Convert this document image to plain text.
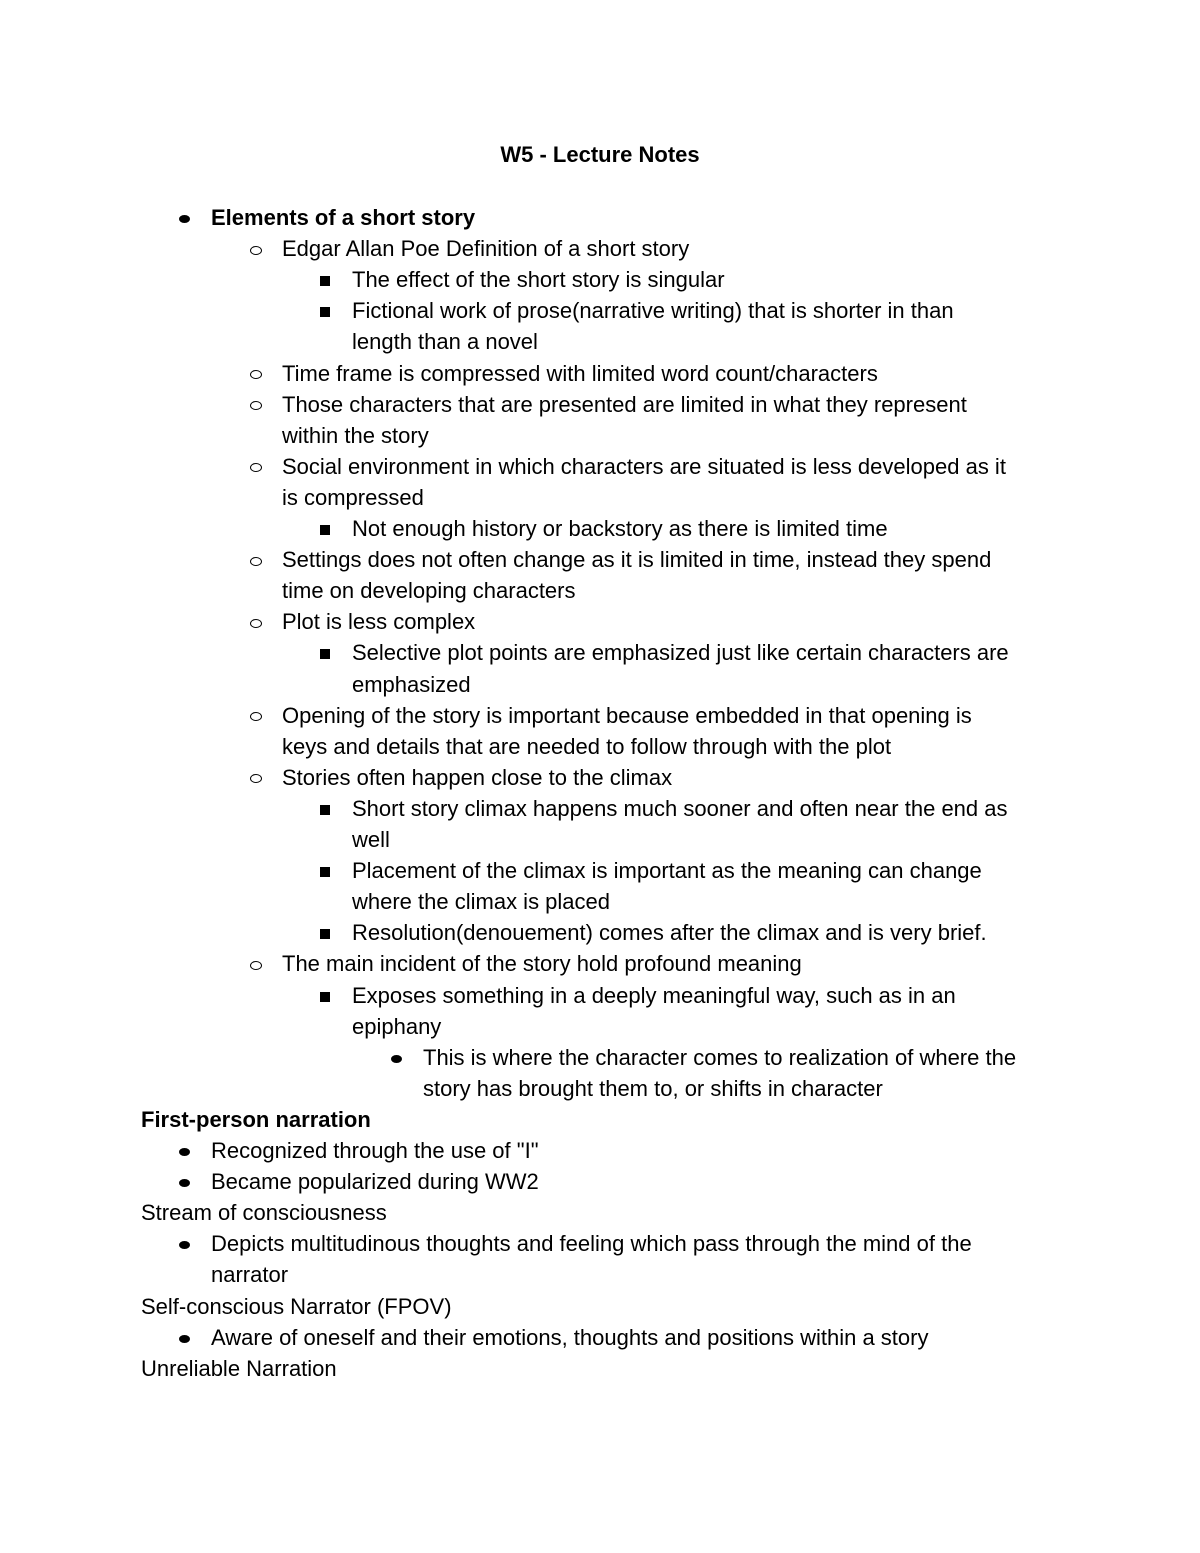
W5 - Lecture Notes
Elements of a short story
Edgar Allan Poe Definition of a short story
The effect of the short story is singular
Fictional work of prose(narrative writing) that is shorter in than
length than a novel
Time frame is compressed with limited word count/characters
Those characters that are presented are limited in what they represent
within the story
Social environment in which characters are situated is less developed as it
is compressed
Not enough history or backstory as there is limited time
Settings does not often change as it is limited in time, instead they spend
time on developing characters
Plot is less complex
Selective plot points are emphasized just like certain characters are
emphasized
Opening of the story is important because embedded in that opening is
keys and details that are needed to follow through with the plot
Stories often happen close to the climax
Short story climax happens much sooner and often near the end as
well
Placement of the climax is important as the meaning can change
where the climax is placed
Resolution(denouement) comes after the climax and is very brief.
The main incident of the story hold profound meaning
Exposes something in a deeply meaningful way, such as in an
epiphany
This is where the character comes to realization of where the
story has brought them to, or shifts in character
First-person narration
Recognized through the use of "I"
Became popularized during WW2
Stream of consciousness
Depicts multitudinous thoughts and feeling which pass through the mind of the
narrator
Self-conscious Narrator (FPOV)
Aware of oneself and their emotions, thoughts and positions within a story
Unreliable Narration
